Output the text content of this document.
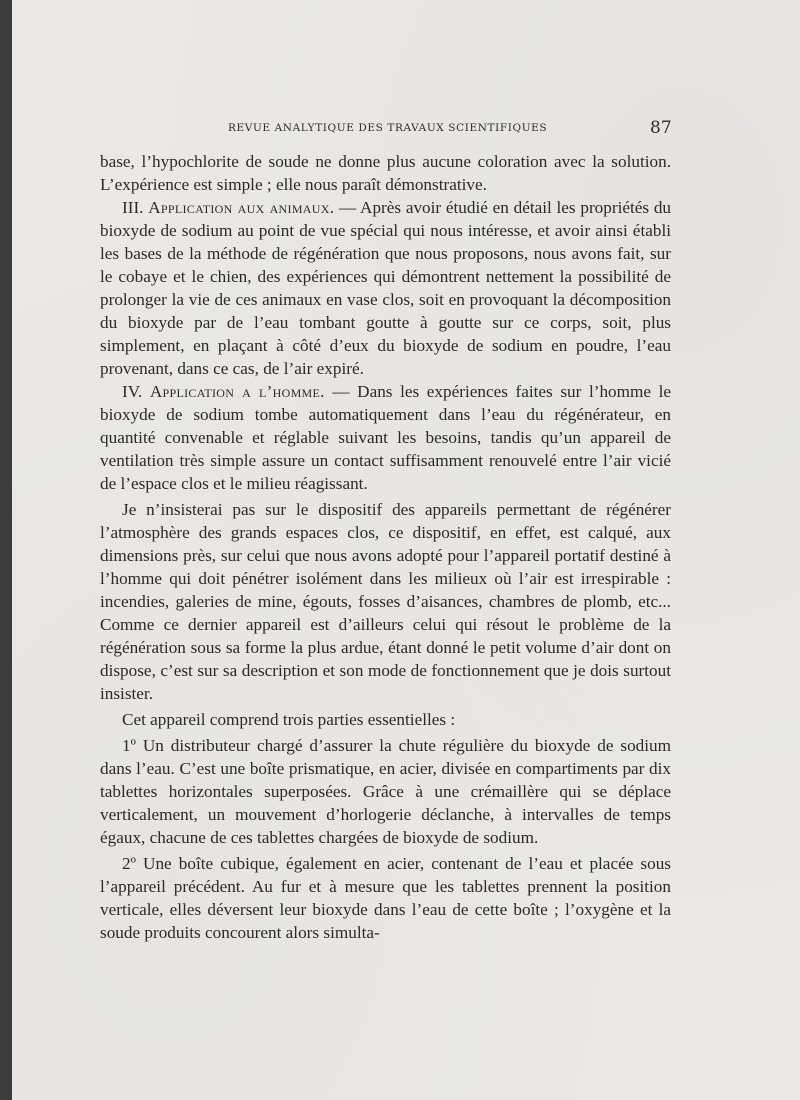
REVUE ANALYTIQUE DES TRAVAUX SCIENTIFIQUES	87

base, l’hypochlorite de soude ne donne plus aucune coloration avec la solution. L’expérience est simple ; elle nous paraît démonstrative.

III. Application aux animaux. — Après avoir étudié en détail les propriétés du bioxyde de sodium au point de vue spécial qui nous intéresse, et avoir ainsi établi les bases de la méthode de régénération que nous proposons, nous avons fait, sur le cobaye et le chien, des expériences qui démontrent nettement la possibilité de prolonger la vie de ces animaux en vase clos, soit en provoquant la décomposition du bioxyde par de l’eau tombant goutte à goutte sur ce corps, soit, plus simplement, en plaçant à côté d’eux du bioxyde de sodium en poudre, l’eau provenant, dans ce cas, de l’air expiré.

IV. Application a l’homme. — Dans les expériences faites sur l’homme le bioxyde de sodium tombe automatiquement dans l’eau du régénérateur, en quantité convenable et réglable suivant les besoins, tandis qu’un appareil de ventilation très simple assure un contact suffisamment renouvelé entre l’air vicié de l’espace clos et le milieu réagissant.

Je n’insisterai pas sur le dispositif des appareils permettant de régénérer l’atmosphère des grands espaces clos, ce dispositif, en effet, est calqué, aux dimensions près, sur celui que nous avons adopté pour l’appareil portatif destiné à l’homme qui doit pénétrer isolément dans les milieux où l’air est irrespirable : incendies, galeries de mine, égouts, fosses d’aisances, chambres de plomb, etc... Comme ce dernier appareil est d’ailleurs celui qui résout le problème de la régénération sous sa forme la plus ardue, étant donné le petit volume d’air dont on dispose, c’est sur sa description et son mode de fonctionnement que je dois surtout insister.

Cet appareil comprend trois parties essentielles :

1º Un distributeur chargé d’assurer la chute régulière du bioxyde de sodium dans l’eau. C’est une boîte prismatique, en acier, divisée en compartiments par dix tablettes horizontales superposées. Grâce à une crémaillère qui se déplace verticalement, un mouvement d’horlogerie déclanche, à intervalles de temps égaux, chacune de ces tablettes chargées de bioxyde de sodium.

2º Une boîte cubique, également en acier, contenant de l’eau et placée sous l’appareil précédent. Au fur et à mesure que les tablettes prennent la position verticale, elles déversent leur bioxyde dans l’eau de cette boîte ; l’oxygène et la soude produits concourent alors simulta-
